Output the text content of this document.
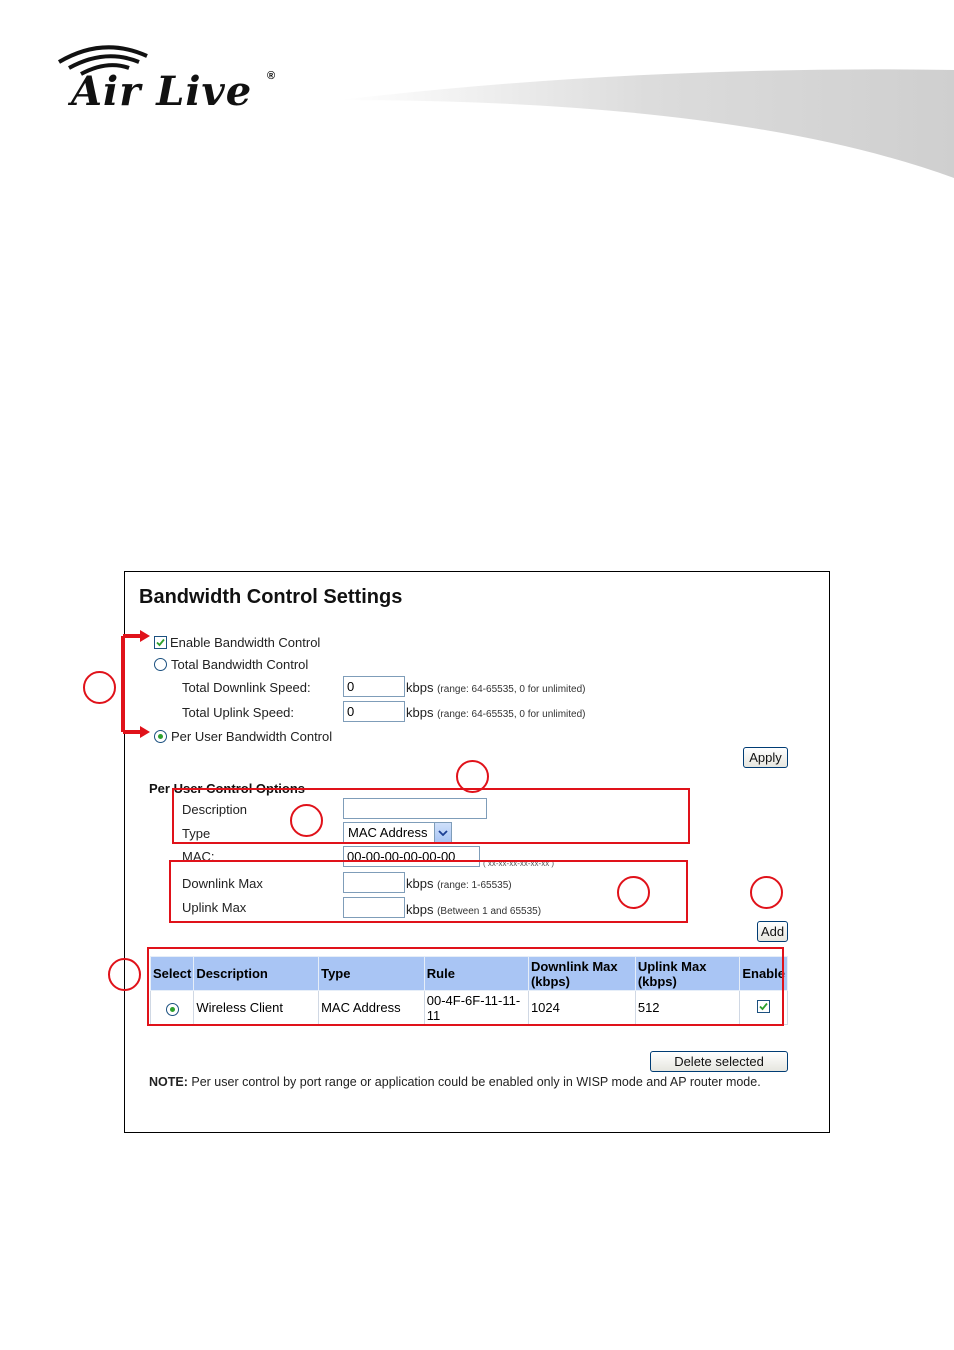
Air Live ®
Bandwidth Control Settings
Enable Bandwidth Control
Total Bandwidth Control
Total Downlink Speed:
0	kbps (range: 64-65535, 0 for unlimited)
Total Uplink Speed:
0	kbps (range: 64-65535, 0 for unlimited)
Per User Bandwidth Control
Apply
Per User Control Options
Description
Type	MAC Address
MAC:
00-00-00-00-00-00	( xx-xx-xx-xx-xx-xx )
Downlink Max	kbps (range: 1-65535)
Uplink Max	kbps (Between 1 and 65535)
Add
Select	Description	Type	Rule	Downlink Max (kbps)	Uplink Max (kbps)	Enable

	Wireless Client	MAC Address	00-4F-6F-11-11-11	1024	512	
Delete selected
NOTE: Per user control by port range or application could be enabled only in WISP mode and AP router mode.
